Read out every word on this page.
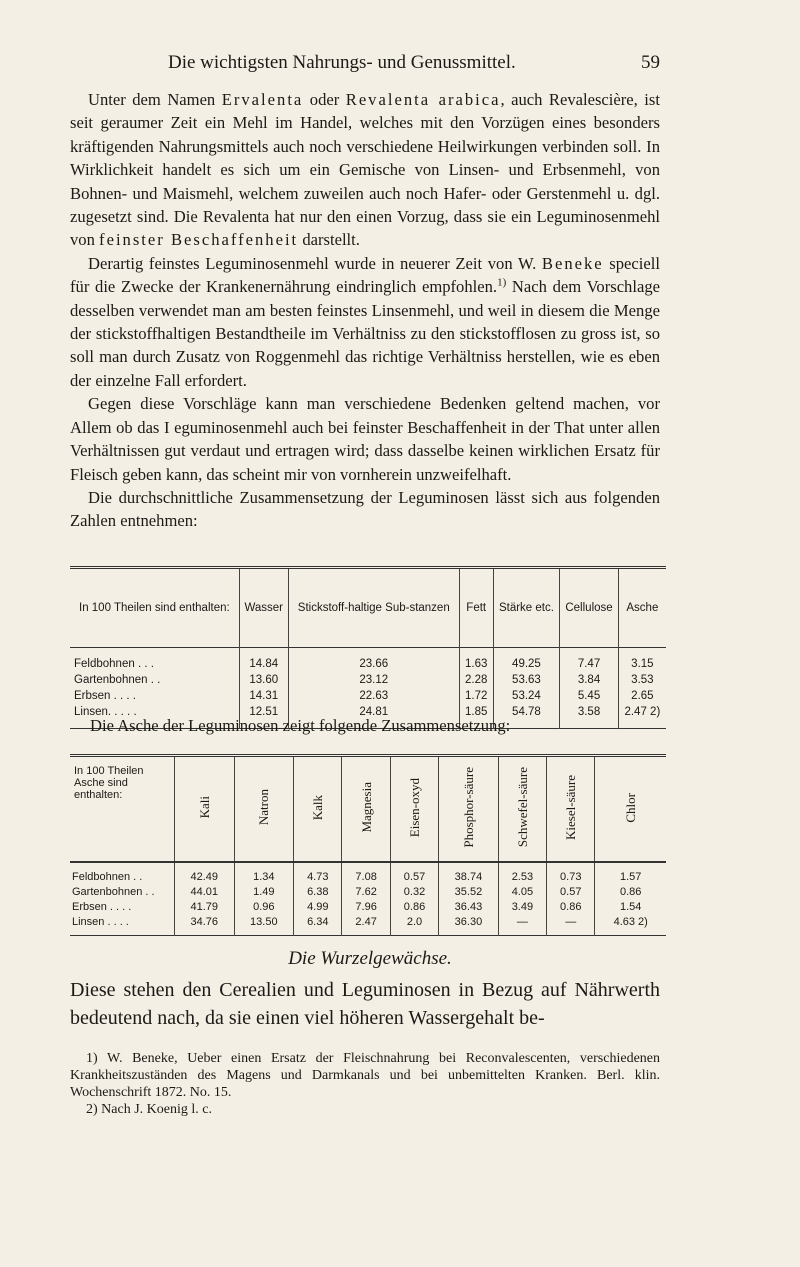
Die wichtigsten Nahrungs- und Genussmittel.	59

Unter dem Namen Ervalenta oder Revalenta arabica, auch Revalescière, ist seit geraumer Zeit ein Mehl im Handel, welches mit den Vorzügen eines besonders kräftigenden Nahrungsmittels auch noch verschiedene Heilwirkungen verbinden soll. In Wirklichkeit handelt es sich um ein Gemische von Linsen- und Erbsenmehl, von Bohnen- und Maismehl, welchem zuweilen auch noch Hafer- oder Gerstenmehl u. dgl. zugesetzt sind. Die Revalenta hat nur den einen Vorzug, dass sie ein Leguminosenmehl von feinster Beschaffenheit darstellt.

Derartig feinstes Leguminosenmehl wurde in neuerer Zeit von W. Beneke speciell für die Zwecke der Krankenernährung eindringlich empfohlen.$^{1)}$ Nach dem Vorschlage desselben verwendet man am besten feinstes Linsenmehl, und weil in diesem die Menge der stickstoffhaltigen Bestandtheile im Verhältniss zu den stickstofflosen zu gross ist, so soll man durch Zusatz von Roggenmehl das richtige Verhältniss herstellen, wie es eben der einzelne Fall erfordert.

Gegen diese Vorschläge kann man verschiedene Bedenken geltend machen, vor Allem ob das I eguminosenmehl auch bei feinster Beschaffenheit in der That unter allen Verhältnissen gut verdaut und ertragen wird; dass dasselbe keinen wirklichen Ersatz für Fleisch geben kann, das scheint mir von vornherein unzweifelhaft.

Die durchschnittliche Zusammensetzung der Leguminosen lässt sich aus folgenden Zahlen entnehmen:

In 100 Theilen sind enthalten:	Wasser	Stickstoff-haltige Sub-stanzen	Fett	Stärke etc.	Cellulose	Asche
Feldbohnen . . .	14.84	23.66	1.63	49.25	7.47	3.15
Gartenbohnen . .	13.60	23.12	2.28	53.63	3.84	3.53
Erbsen . . . .	14.31	22.63	1.72	53.24	5.45	2.65
Linsen. . . . .	12.51	24.81	1.85	54.78	3.58	2.47 2)
Die Asche der Leguminosen zeigt folgende Zusammensetzung:
In 100 Theilen Asche sind enthalten:	Kali	Natron	Kalk	Magnesia	Eisen-oxyd	Phosphor-säure	Schwefel-säure	Kiesel-säure	Chlor
Feldbohnen . .	42.49	1.34	4.73	7.08	0.57	38.74	2.53	0.73	1.57
Gartenbohnen . .	44.01	1.49	6.38	7.62	0.32	35.52	4.05	0.57	0.86
Erbsen . . . .	41.79	0.96	4.99	7.96	0.86	36.43	3.49	0.86	1.54
Linsen . . . .	34.76	13.50	6.34	2.47	2.0	36.30	—	—	4.63 2)
Die Wurzelgewächse.
Diese stehen den Cerealien und Leguminosen in Bezug auf Nährwerth bedeutend nach, da sie einen viel höheren Wassergehalt be-

1) W. Beneke, Ueber einen Ersatz der Fleischnahrung bei Reconvalescenten, verschiedenen Krankheitszuständen des Magens und Darmkanals und bei unbemittelten Kranken. Berl. klin. Wochenschrift 1872. No. 15.

2) Nach J. Koenig l. c.
